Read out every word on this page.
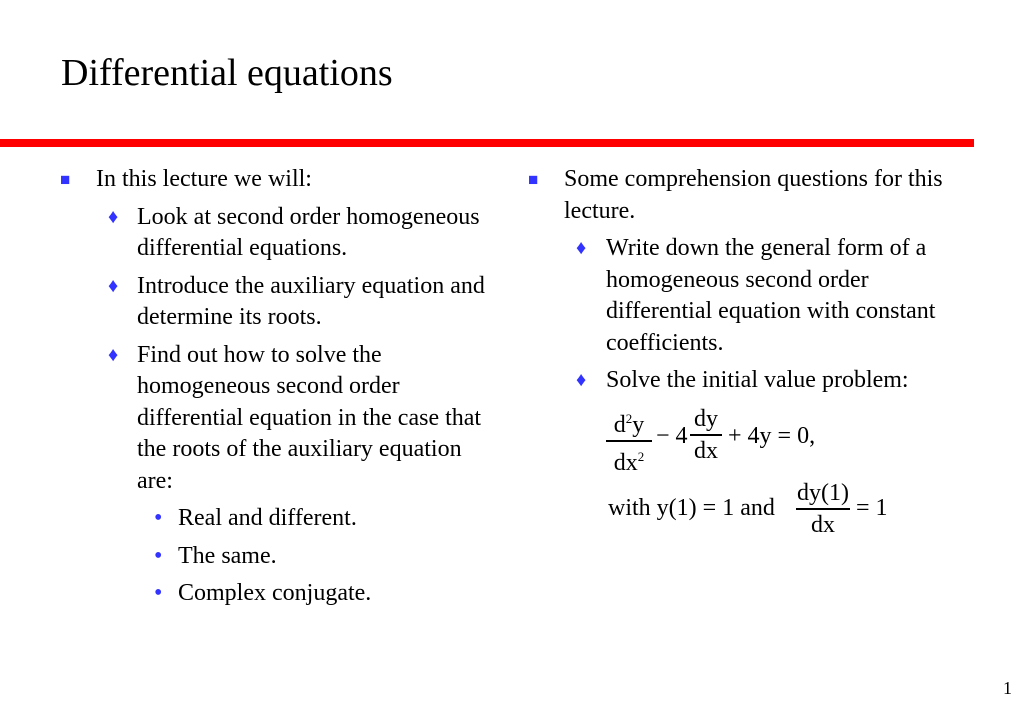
Differential equations
■ In this lecture we will:
♦ Look at second order homogeneous differential equations.
♦ Introduce the auxiliary equation and determine its roots.
♦ Find out how to solve the homogeneous second order differential equation in the case that the roots of the auxiliary equation are:
• Real and different.
• The same.
• Complex conjugate.
■ Some comprehension questions for this lecture.
♦ Write down the general form of a homogeneous second order differential equation with constant coefficients.
♦ Solve the initial value problem:
$d^2y$
$dx^2$
− 4
dy
dx
+ 4y = 0,
with y(1) = 1 and
dy(1)
dx
= 1
1
